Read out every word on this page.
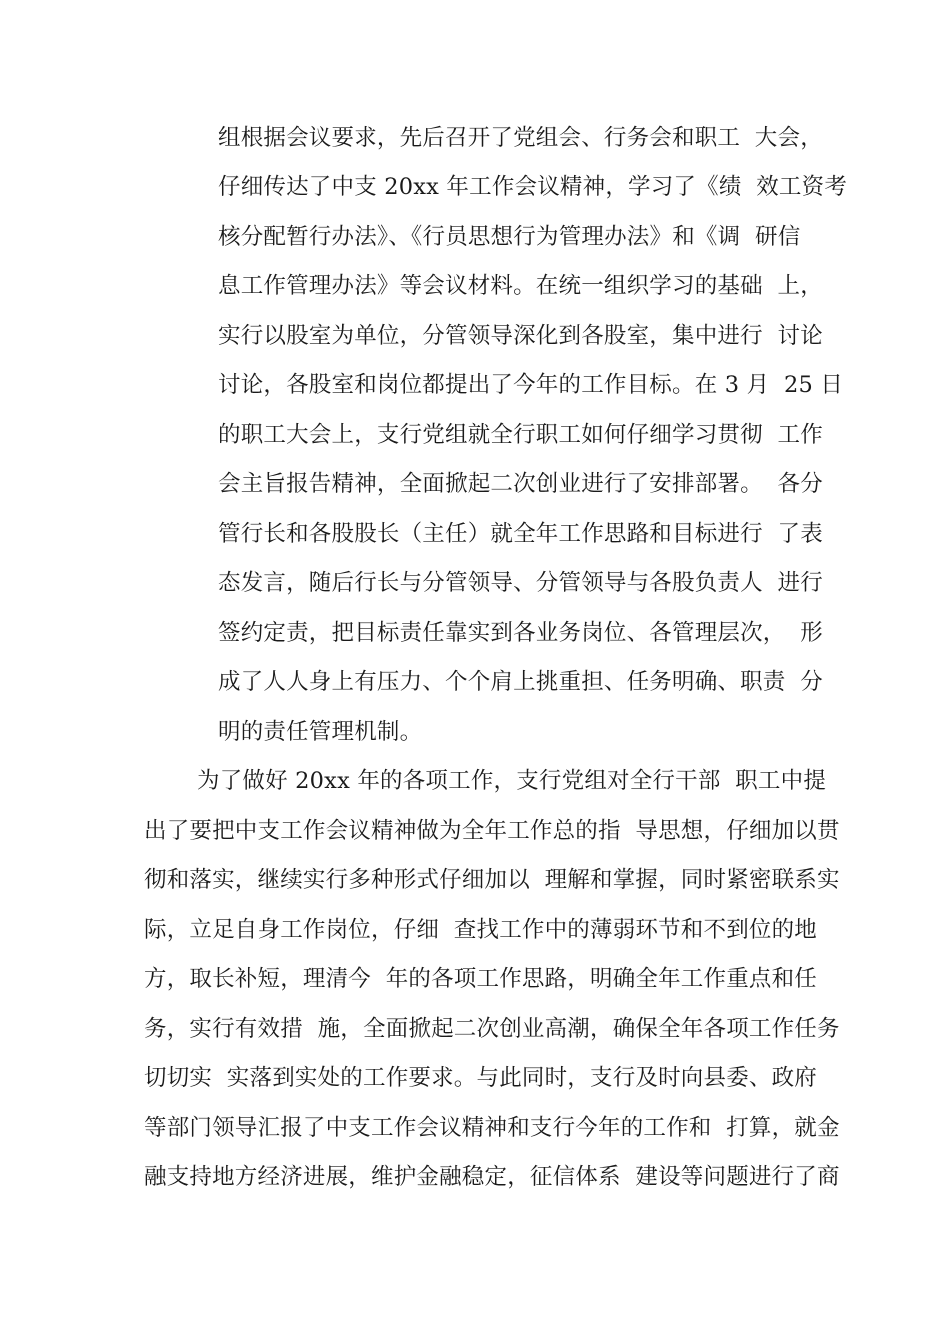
组根据会议要求，先后召开了党组会、行务会和职工  大会，
仔细传达了中支 20xx 年工作会议精神，学习了《绩  效工资考
核分配暂行办法》、《行员思想行为管理办法》和《调  研信
息工作管理办法》等会议材料。在统一组织学习的基础  上，
实行以股室为单位，分管领导深化到各股室，集中进行  讨论
讨论，各股室和岗位都提出了今年的工作目标。在 3 月  25 日
的职工大会上，支行党组就全行职工如何仔细学习贯彻  工作
会主旨报告精神，全面掀起二次创业进行了安排部署。  各分
管行长和各股股长（主任）就全年工作思路和目标进行  了表
态发言，随后行长与分管领导、分管领导与各股负责人  进行
签约定责，把目标责任靠实到各业务岗位、各管理层次，  形
成了人人身上有压力、个个肩上挑重担、任务明确、职责  分
明的责任管理机制。
为了做好 20xx 年的各项工作，支行党组对全行干部  职工中提
出了要把中支工作会议精神做为全年工作总的指  导思想，仔细加以贯
彻和落实，继续实行多种形式仔细加以  理解和掌握，同时紧密联系实
际，立足自身工作岗位，仔细  查找工作中的薄弱环节和不到位的地
方，取长补短，理清今  年的各项工作思路，明确全年工作重点和任
务，实行有效措  施，全面掀起二次创业高潮，确保全年各项工作任务
切切实  实落到实处的工作要求。与此同时，支行及时向县委、政府
等部门领导汇报了中支工作会议精神和支行今年的工作和  打算，就金
融支持地方经济进展，维护金融稳定，征信体系  建设等问题进行了商
